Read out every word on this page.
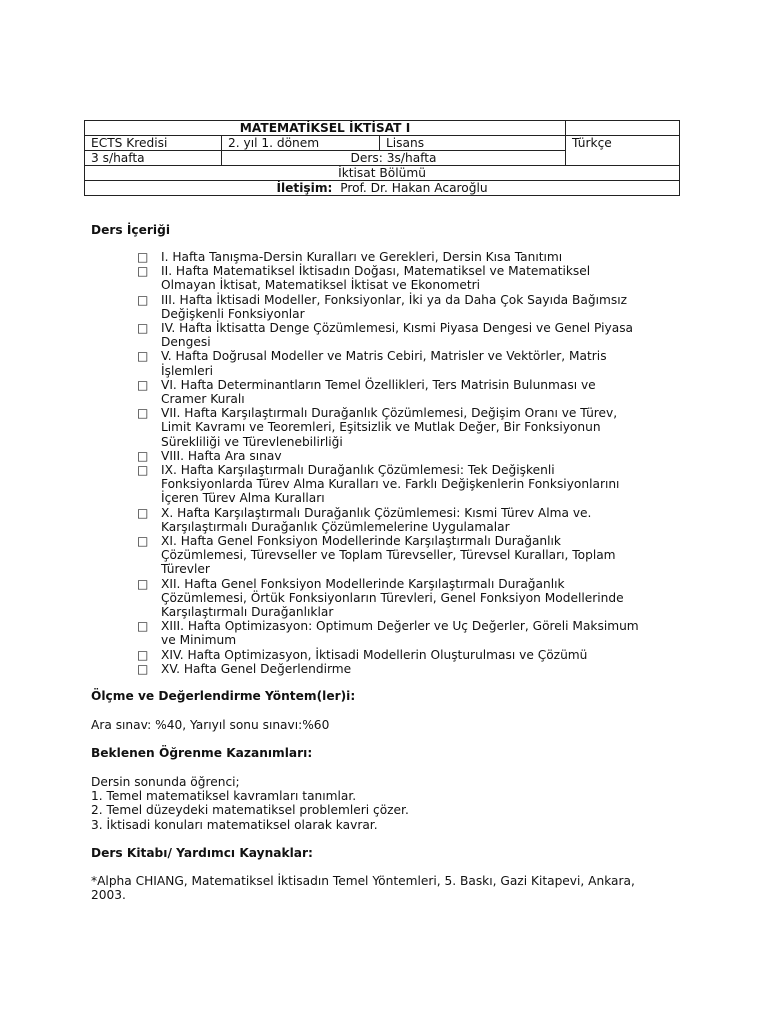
MATEMATİKSEL İKTİSAT I			
ECTS Kredisi	2. yıl 1. dönem	Lisans	Türkçe
3 s/hafta	Ders: 3s/hafta		
İktisat Bölümü			
İletişim: Prof. Dr. Hakan Acaroğlu			
Ders İçeriği
□	I. Hafta Tanışma-Dersin Kuralları ve Gerekleri, Dersin Kısa Tanıtımı
□	II. Hafta Matematiksel İktisadın Doğası, Matematiksel ve Matematiksel
Olmayan İktisat, Matematiksel İktisat ve Ekonometri
□	III. Hafta İktisadi Modeller, Fonksiyonlar, İki ya da Daha Çok Sayıda Bağımsız
Değişkenli Fonksiyonlar
□	IV. Hafta İktisatta Denge Çözümlemesi, Kısmi Piyasa Dengesi ve Genel Piyasa
Dengesi
□	V. Hafta Doğrusal Modeller ve Matris Cebiri, Matrisler ve Vektörler, Matris
İşlemleri
□	VI. Hafta Determinantların Temel Özellikleri, Ters Matrisin Bulunması ve
Cramer Kuralı
□	VII. Hafta Karşılaştırmalı Durağanlık Çözümlemesi, Değişim Oranı ve Türev,
Limit Kavramı ve Teoremleri, Eşitsizlik ve Mutlak Değer, Bir Fonksiyonun
Sürekliliği ve Türevlenebilirliği
□	VIII. Hafta Ara sınav
□	IX. Hafta Karşılaştırmalı Durağanlık Çözümlemesi: Tek Değişkenli
Fonksiyonlarda Türev Alma Kuralları ve. Farklı Değişkenlerin Fonksiyonlarını
İçeren Türev Alma Kuralları
□	X. Hafta Karşılaştırmalı Durağanlık Çözümlemesi: Kısmi Türev Alma ve.
Karşılaştırmalı Durağanlık Çözümlemelerine Uygulamalar
□	XI. Hafta Genel Fonksiyon Modellerinde Karşılaştırmalı Durağanlık
Çözümlemesi, Türevseller ve Toplam Türevseller, Türevsel Kuralları, Toplam
Türevler
□	XII. Hafta Genel Fonksiyon Modellerinde Karşılaştırmalı Durağanlık
Çözümlemesi, Örtük Fonksiyonların Türevleri, Genel Fonksiyon Modellerinde
Karşılaştırmalı Durağanlıklar
□	XIII. Hafta Optimizasyon: Optimum Değerler ve Uç Değerler, Göreli Maksimum
ve Minimum
□	XIV. Hafta Optimizasyon, İktisadi Modellerin Oluşturulması ve Çözümü
□	XV. Hafta Genel Değerlendirme
Ölçme ve Değerlendirme Yöntem(ler)i:
Ara sınav: %40, Yarıyıl sonu sınavı:%60
Beklenen Öğrenme Kazanımları:
Dersin sonunda öğrenci;
1. Temel matematiksel kavramları tanımlar.
2. Temel düzeydeki matematiksel problemleri çözer.
3. İktisadi konuları matematiksel olarak kavrar.
Ders Kitabı/ Yardımcı Kaynaklar:
*Alpha CHIANG, Matematiksel İktisadın Temel Yöntemleri, 5. Baskı, Gazi Kitapevi, Ankara,
2003.
